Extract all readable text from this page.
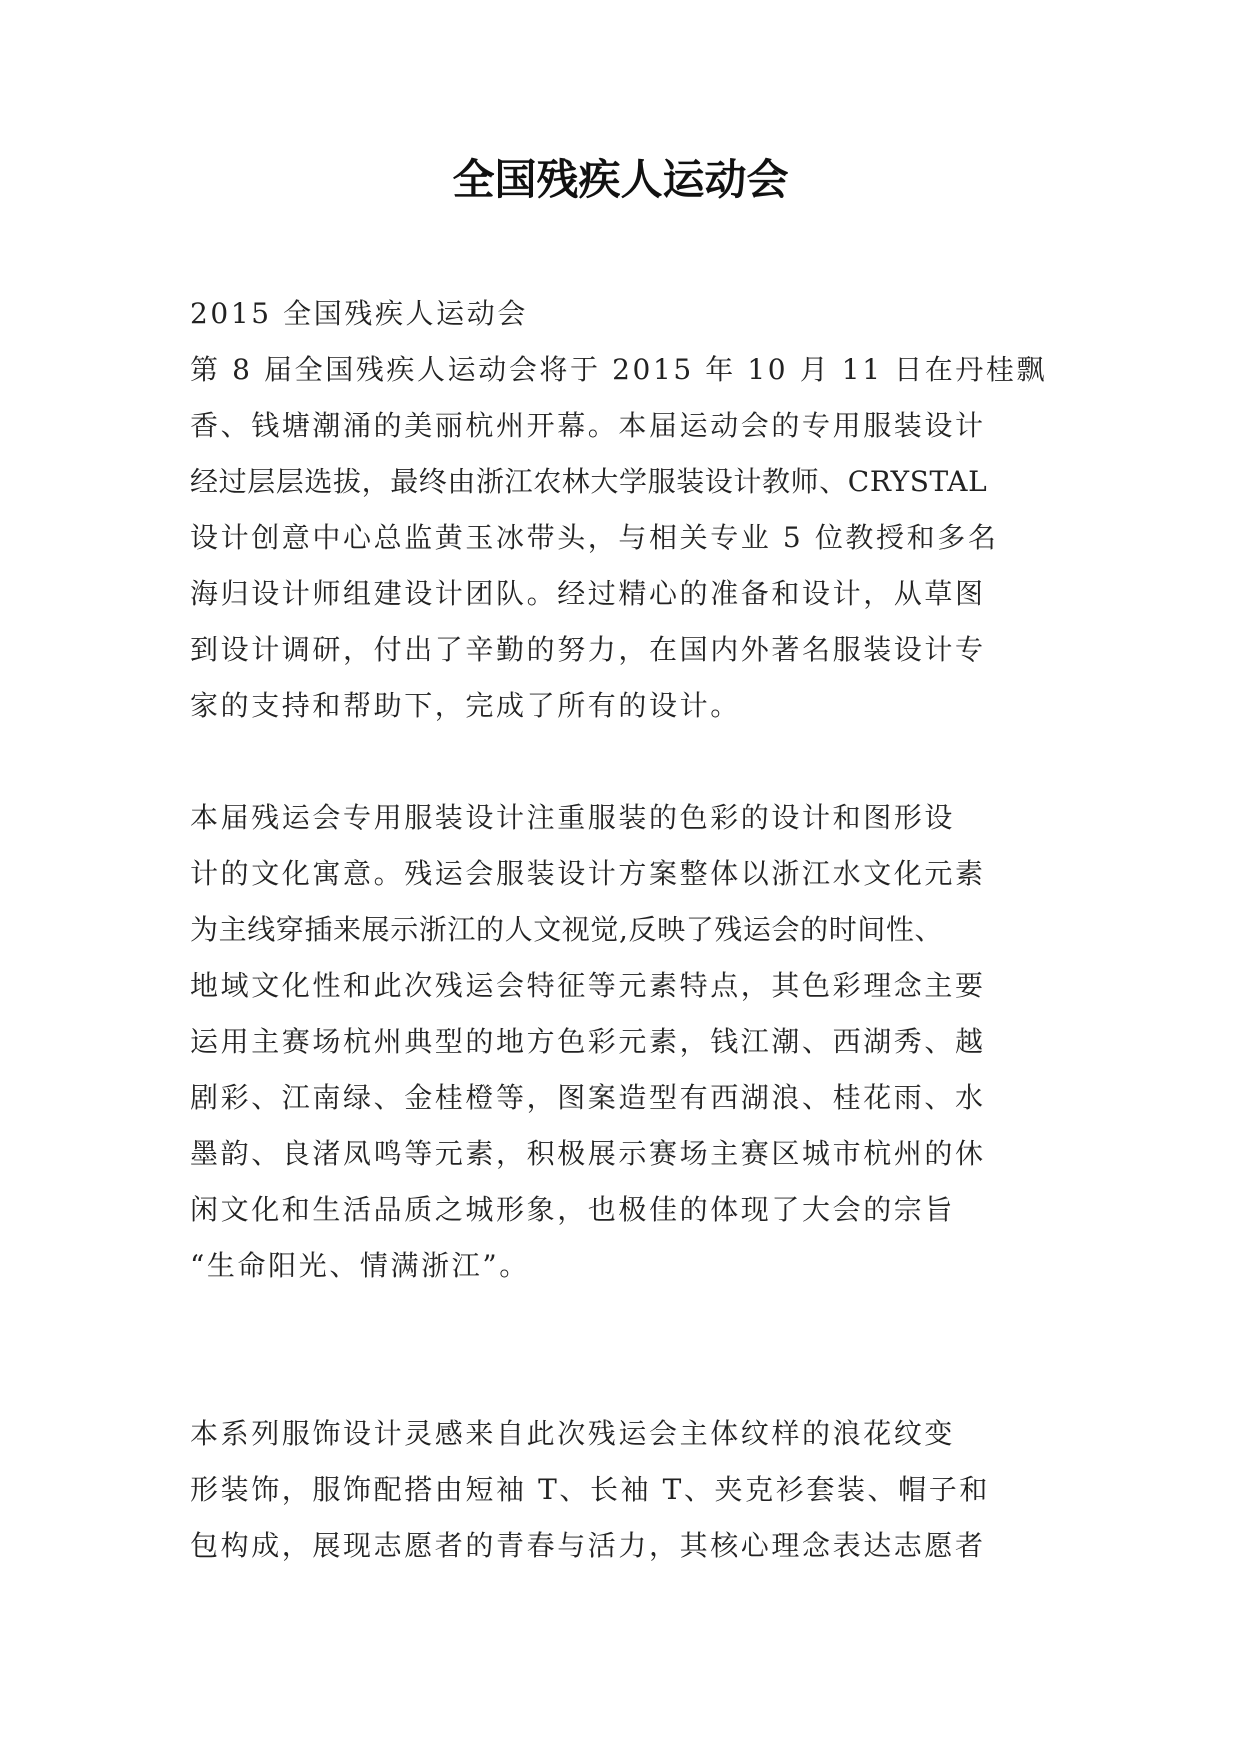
全国残疾人运动会
2015 全国残疾人运动会
第 8 届全国残疾人运动会将于 2015 年 10 月 11 日在丹桂飘
香、钱塘潮涌的美丽杭州开幕。本届运动会的专用服装设计
经过层层选拔，最终由浙江农林大学服装设计教师、CRYSTAL
设计创意中心总监黄玉冰带头，与相关专业 5 位教授和多名
海归设计师组建设计团队。经过精心的准备和设计，从草图
到设计调研，付出了辛勤的努力，在国内外著名服装设计专
家的支持和帮助下，完成了所有的设计。
本届残运会专用服装设计注重服装的色彩的设计和图形设
计的文化寓意。残运会服装设计方案整体以浙江水文化元素
为主线穿插来展示浙江的人文视觉,反映了残运会的时间性、
地域文化性和此次残运会特征等元素特点，其色彩理念主要
运用主赛场杭州典型的地方色彩元素，钱江潮、西湖秀、越
剧彩、江南绿、金桂橙等，图案造型有西湖浪、桂花雨、水
墨韵、良渚凤鸣等元素，积极展示赛场主赛区城市杭州的休
闲文化和生活品质之城形象，也极佳的体现了大会的宗旨
“生命阳光、情满浙江”。
本系列服饰设计灵感来自此次残运会主体纹样的浪花纹变
形装饰，服饰配搭由短袖 T、长袖 T、夹克衫套装、帽子和
包构成，展现志愿者的青春与活力，其核心理念表达志愿者
